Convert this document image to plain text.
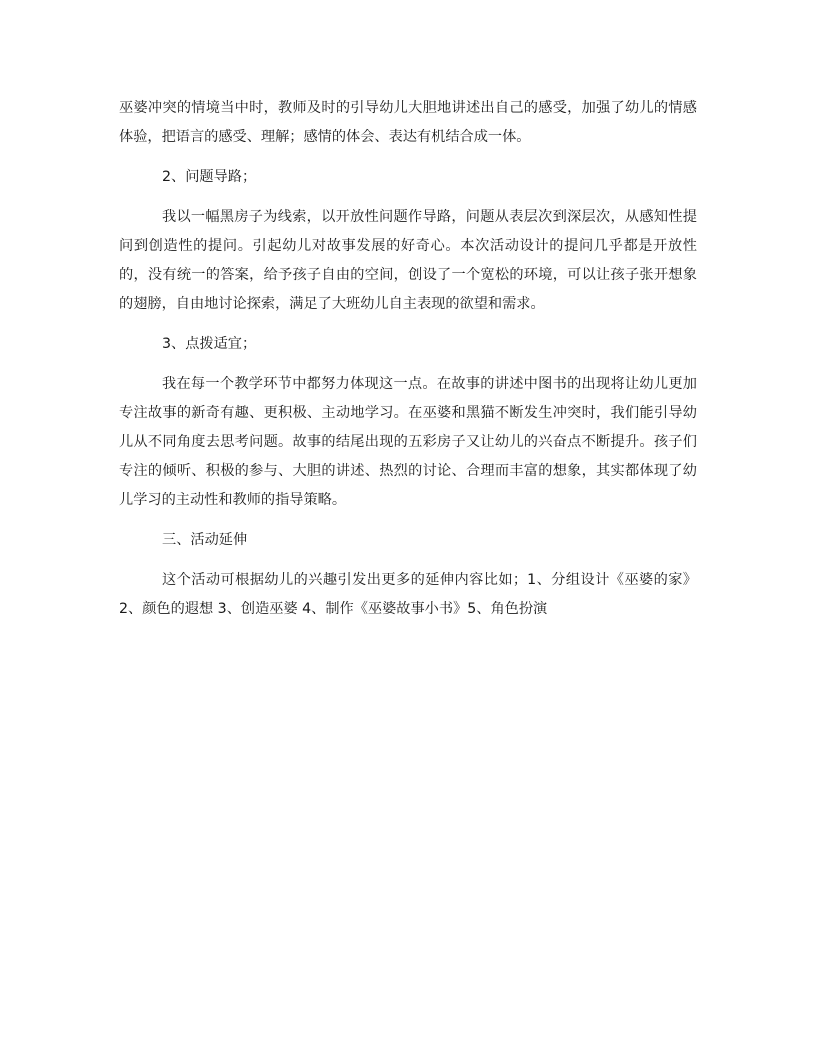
巫婆冲突的情境当中时，教师及时的引导幼儿大胆地讲述出自己的感受，加强了幼儿的情感体验，把语言的感受、理解；感情的体会、表达有机结合成一体。

2、问题导路；

我以一幅黑房子为线索，以开放性问题作导路，问题从表层次到深层次，从感知性提问到创造性的提问。引起幼儿对故事发展的好奇心。本次活动设计的提问几乎都是开放性的，没有统一的答案，给予孩子自由的空间，创设了一个宽松的环境，可以让孩子张开想象的翅膀，自由地讨论探索，满足了大班幼儿自主表现的欲望和需求。

3、点拨适宜；

我在每一个教学环节中都努力体现这一点。在故事的讲述中图书的出现将让幼儿更加专注故事的新奇有趣、更积极、主动地学习。在巫婆和黑猫不断发生冲突时，我们能引导幼儿从不同角度去思考问题。故事的结尾出现的五彩房子又让幼儿的兴奋点不断提升。孩子们专注的倾听、积极的参与、大胆的讲述、热烈的讨论、合理而丰富的想象，其实都体现了幼儿学习的主动性和教师的指导策略。

三、活动延伸

这个活动可根据幼儿的兴趣引发出更多的延伸内容比如；1、分组设计《巫婆的家》2、颜色的遐想 3、创造巫婆 4、制作《巫婆故事小书》5、角色扮演
